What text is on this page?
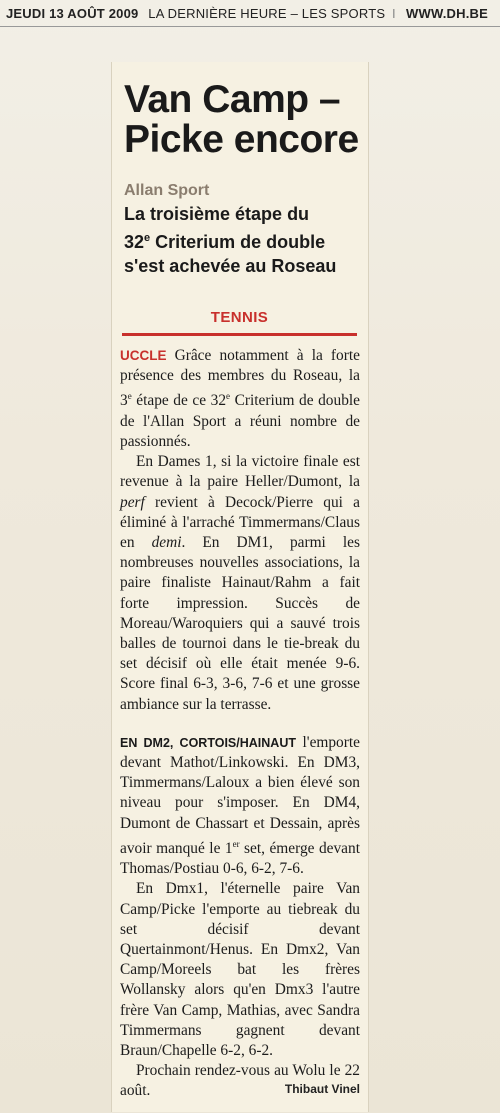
JEUDI 13 AOÛT 2009 LA DERNIÈRE HEURE – LES SPORTS I WWW.DH.BE
Van Camp – Picke encore
Allan Sport
La troisième étape du
32e Criterium de double
s'est achevée au Roseau
TENNIS

UCCLE Grâce notamment à la forte présence des membres du Roseau, la 3e étape de ce 32e Criterium de double de l'Allan Sport a réuni nombre de passionnés.

En Dames 1, si la victoire finale est revenue à la paire Heller/Dumont, la perf revient à Decock/Pierre qui a éliminé à l'arraché Timmermans/Claus en demi. En DM1, parmi les nombreuses nouvelles associations, la paire finaliste Hainaut/Rahm a fait forte impression. Succès de Moreau/Waroquiers qui a sauvé trois balles de tournoi dans le tie-break du set décisif où elle était menée 9-6. Score final 6-3, 3-6, 7-6 et une grosse ambiance sur la terrasse.

EN DM2, CORTOIS/HAINAUT l'emporte devant Mathot/Linkowski. En DM3, Timmermans/Laloux a bien élevé son niveau pour s'imposer. En DM4, Dumont de Chassart et Dessain, après avoir manqué le 1er set, émerge devant Thomas/Postiau 0-6, 6-2, 7-6.

En Dmx1, l'éternelle paire Van Camp/Picke l'emporte au tiebreak du set décisif devant Quertainmont/Henus. En Dmx2, Van Camp/Moreels bat les frères Wollansky alors qu'en Dmx3 l'autre frère Van Camp, Mathias, avec Sandra Timmermans gagnent devant Braun/Chapelle 6-2, 6-2.

Prochain rendez-vous au Wolu le 22 août.	Thibaut Vinel
